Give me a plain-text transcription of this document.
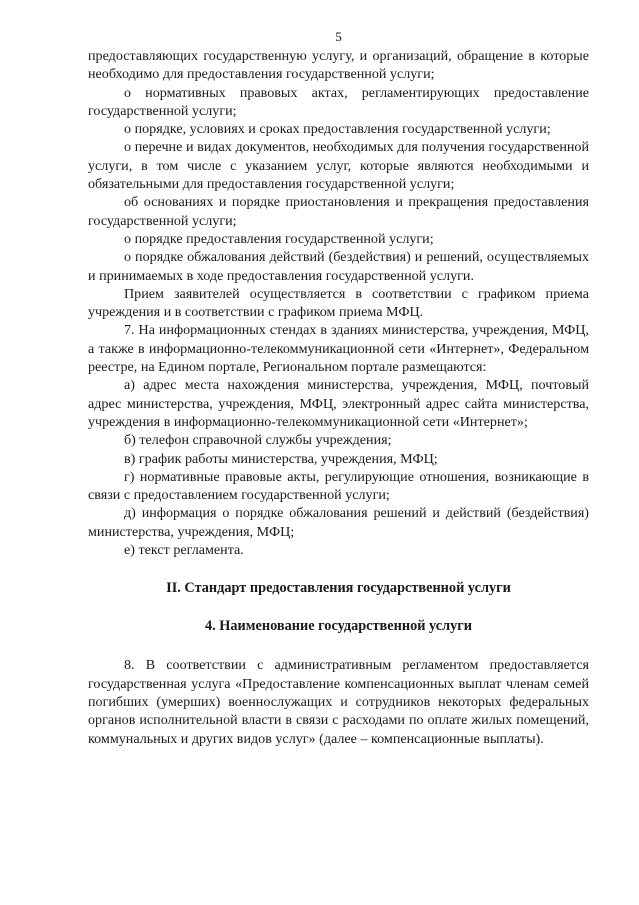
5

предоставляющих государственную услугу, и организаций, обращение в которые необходимо для предоставления государственной услуги;

о нормативных правовых актах, регламентирующих предоставление государственной услуги;

о порядке, условиях и сроках предоставления государственной услуги;

о перечне и видах документов, необходимых для получения государственной услуги, в том числе с указанием услуг, которые являются необходимыми и обязательными для предоставления государственной услуги;

об основаниях и порядке приостановления и прекращения предоставления государственной услуги;

о порядке предоставления государственной услуги;

о порядке обжалования действий (бездействия) и решений, осуществляемых и принимаемых в ходе предоставления государственной услуги.

Прием заявителей осуществляется в соответствии с графиком приема учреждения и в соответствии с графиком приема МФЦ.

7. На информационных стендах в зданиях министерства, учреждения, МФЦ, а также в информационно-телекоммуникационной сети «Интернет», Федеральном реестре, на Едином портале, Региональном портале размещаются:

а) адрес места нахождения министерства, учреждения, МФЦ, почтовый адрес министерства, учреждения, МФЦ, электронный адрес сайта министерства, учреждения в информационно-телекоммуникационной сети «Интернет»;

б) телефон справочной службы учреждения;

в) график работы министерства, учреждения, МФЦ;

г) нормативные правовые акты, регулирующие отношения, возникающие в связи с предоставлением государственной услуги;

д) информация о порядке обжалования решений и действий (бездействия) министерства, учреждения, МФЦ;

е) текст регламента.

II. Стандарт предоставления государственной услуги
4. Наименование государственной услуги

8. В соответствии с административным регламентом предоставляется государственная услуга «Предоставление компенсационных выплат членам семей погибших (умерших) военнослужащих и сотрудников некоторых федеральных органов исполнительной власти в связи с расходами по оплате жилых помещений, коммунальных и других видов услуг» (далее – компенсационные выплаты).
